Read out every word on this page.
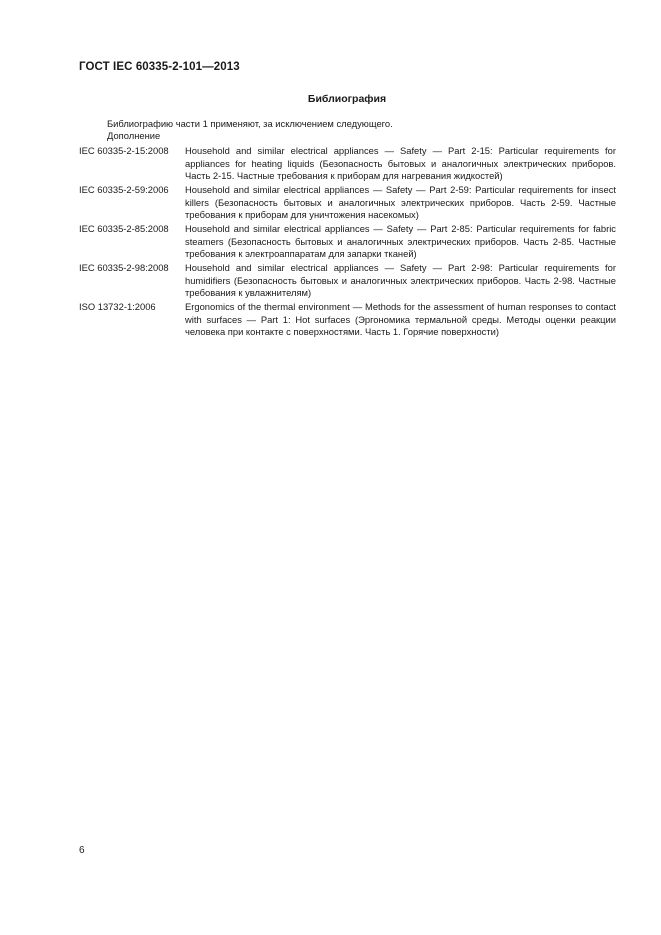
ГОСТ IEC 60335-2-101—2013
Библиография
Библиографию части 1 применяют, за исключением следующего.
Дополнение
IEC 60335-2-15:2008	Household and similar electrical appliances — Safety — Part 2-15: Particular requirements for appliances for heating liquids (Безопасность бытовых и аналогичных электрических приборов. Часть 2-15. Частные требования к приборам для нагревания жидкостей)
IEC 60335-2-59:2006	Household and similar electrical appliances — Safety — Part 2-59: Particular requirements for insect killers (Безопасность бытовых и аналогичных электрических приборов. Часть 2-59. Частные требования к приборам для уничтожения насекомых)
IEC 60335-2-85:2008	Household and similar electrical appliances — Safety — Part 2-85: Particular requirements for fabric steamers (Безопасность бытовых и аналогичных электрических приборов. Часть 2-85. Частные требования к электроаппаратам для запарки тканей)
IEC 60335-2-98:2008	Household and similar electrical appliances — Safety — Part 2-98: Particular requirements for humidifiers (Безопасность бытовых и аналогичных электрических приборов. Часть 2-98. Частные требования к увлажнителям)
ISO 13732-1:2006	Ergonomics of the thermal environment — Methods for the assessment of human responses to contact with surfaces — Part 1: Hot surfaces (Эргономика термальной среды. Методы оценки реакции человека при контакте с поверхностями. Часть 1. Горячие поверхности)
6
